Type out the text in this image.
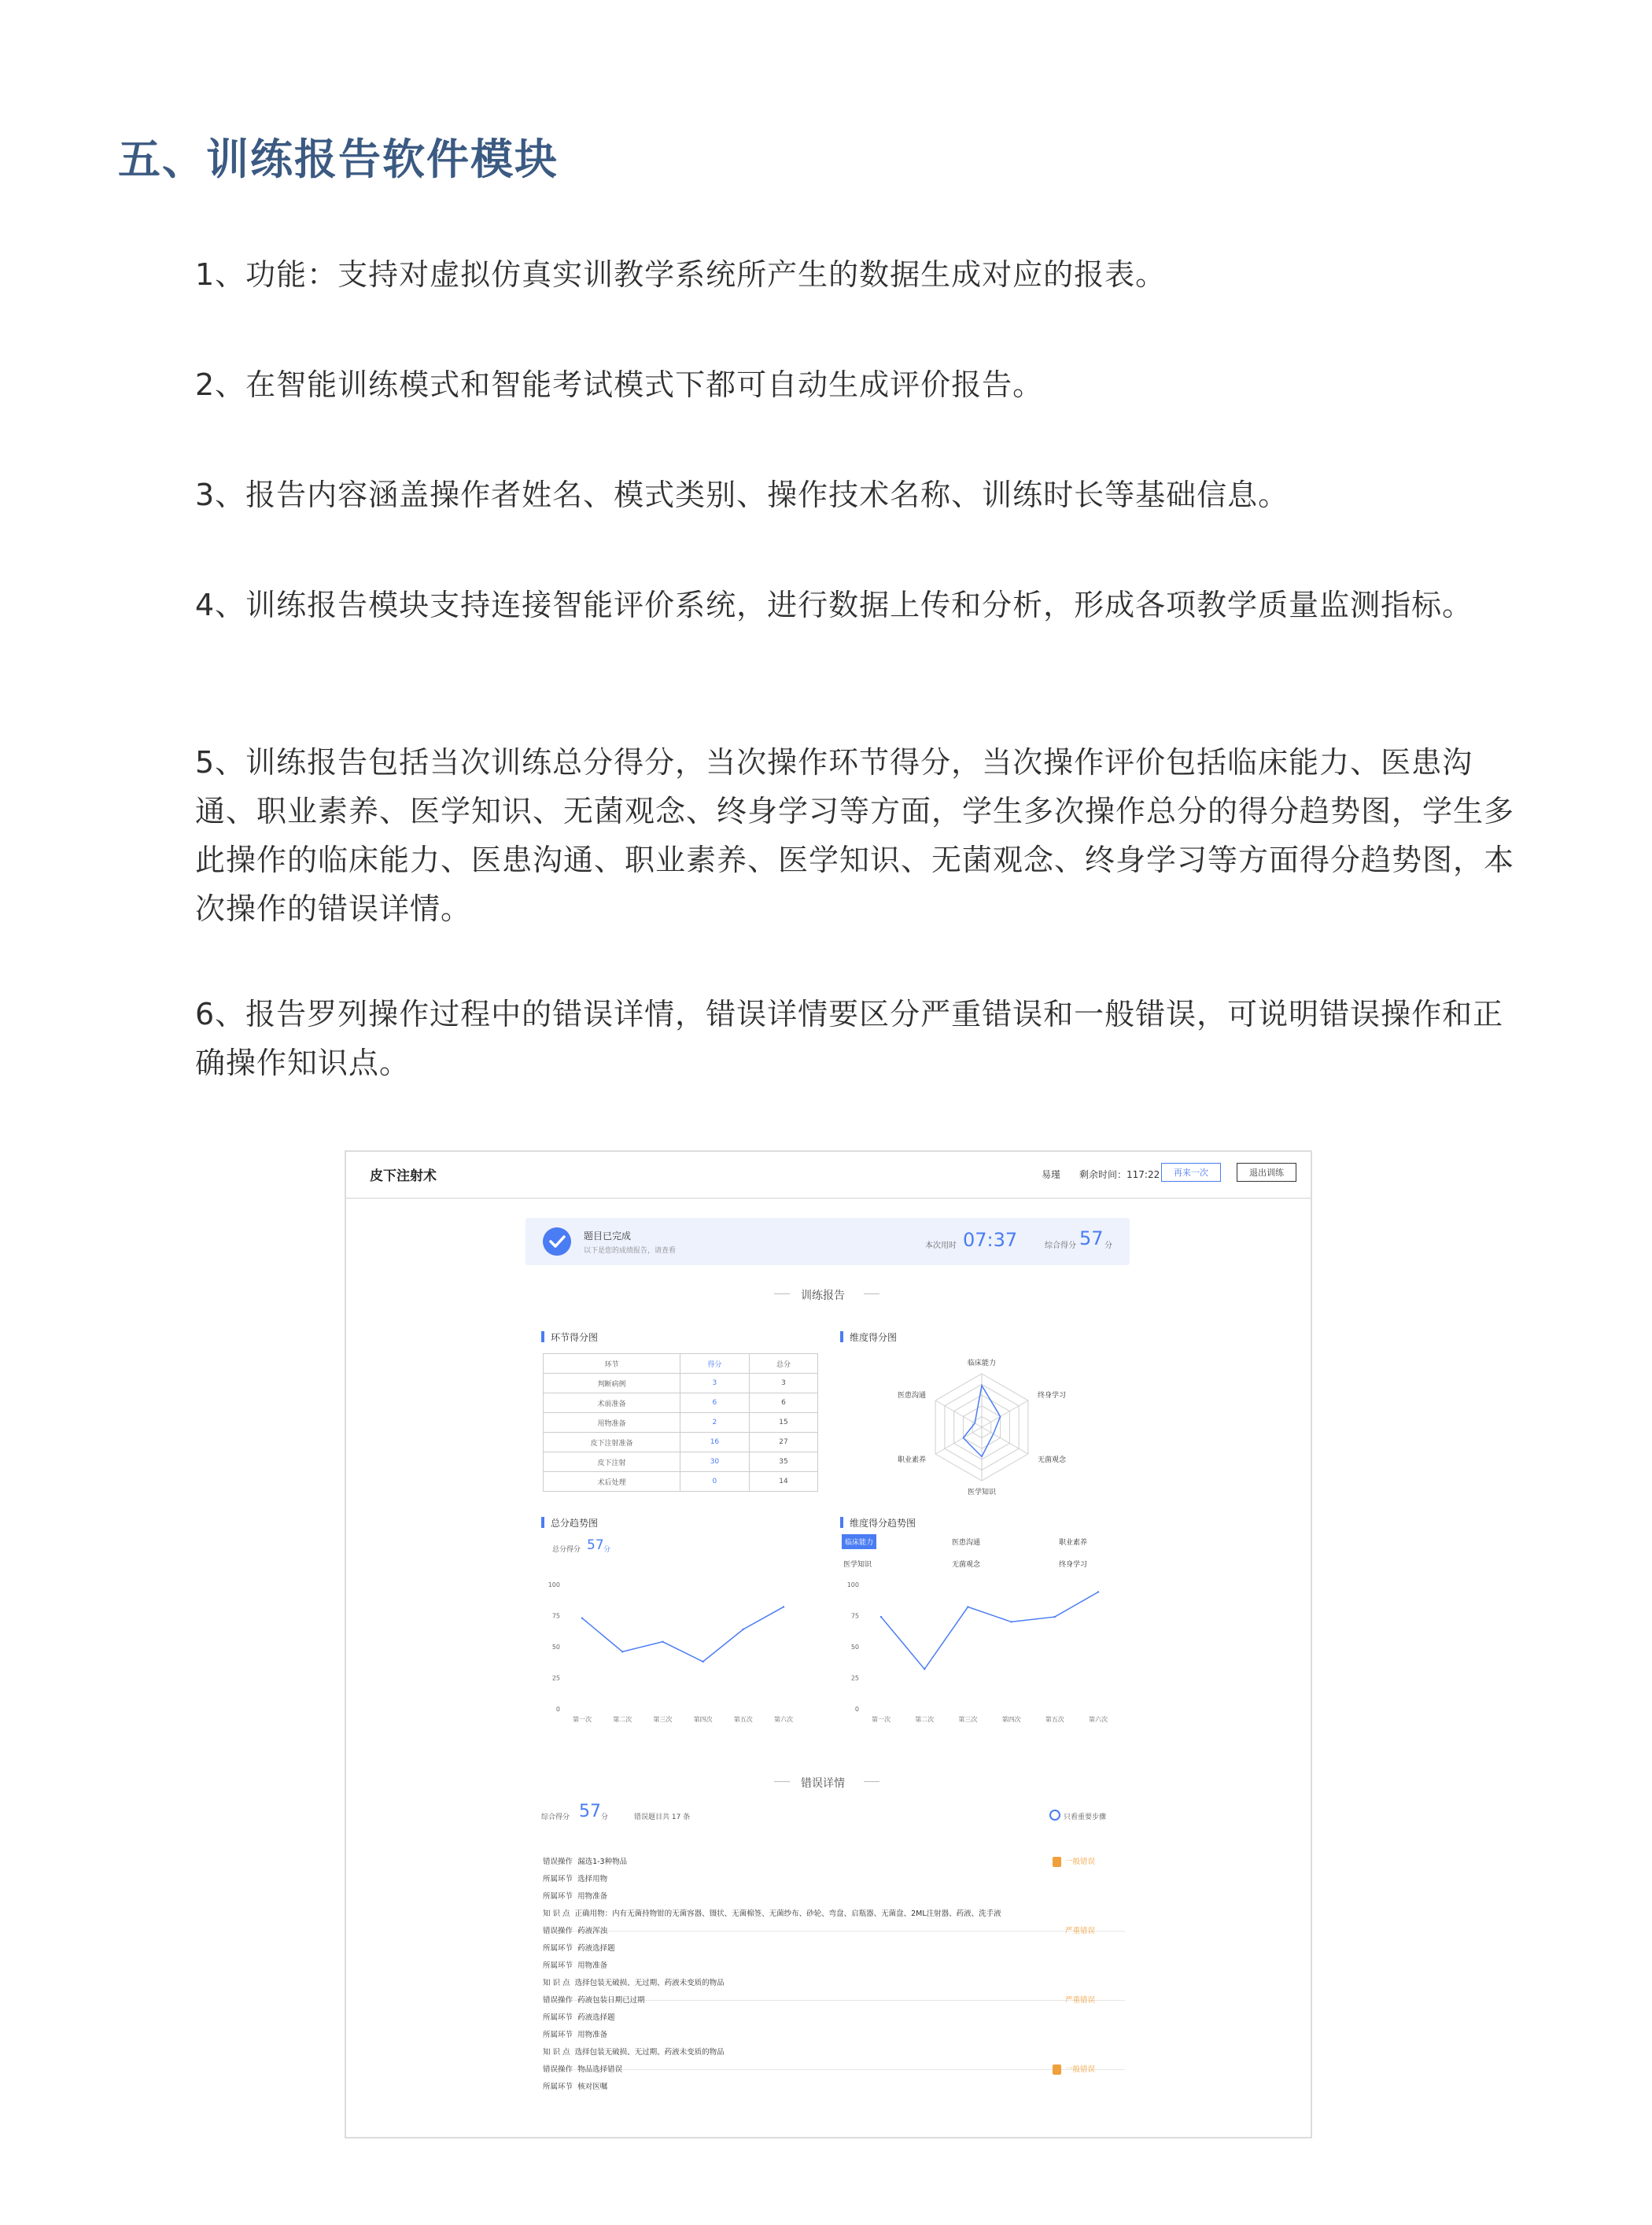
五、训练报告软件模块
1、功能：支持对虚拟仿真实训教学系统所产生的数据生成对应的报表。
2、在智能训练模式和智能考试模式下都可自动生成评价报告。
3、报告内容涵盖操作者姓名、模式类别、操作技术名称、训练时长等基础信息。
4、训练报告模块支持连接智能评价系统，进行数据上传和分析，形成各项教学质量监测指标。
5、训练报告包括当次训练总分得分，当次操作环节得分，当次操作评价包括临床能力、医患沟通、职业素养、医学知识、无菌观念、终身学习等方面，学生多次操作总分的得分趋势图，学生多此操作的临床能力、医患沟通、职业素养、医学知识、无菌观念、终身学习等方面得分趋势图，本次操作的错误详情。
6、报告罗列操作过程中的错误详情，错误详情要区分严重错误和一般错误，可说明错误操作和正确操作知识点。
皮下注射术	易瑾 剩余时间：117:22	再来一次	退出训练
题目已完成
以下是您的成绩报告，请查看
本次用时 07:37	综合得分 57 分
训练报告
环节得分图
环节	得分	总分
判断病例	3	3
术前准备	6	6
用物准备	2	15
皮下注射准备	16	27
皮下注射	30	35
术后处理	0	14
维度得分图
临床能力
终身学习
无菌观念
医学知识
职业素养
医患沟通
总分趋势图
总分得分 57 分
100
75
50
25
0
第一次	第二次	第三次	第四次	第五次	第六次
维度得分趋势图
临床能力	医患沟通	职业素养
医学知识	无菌观念	终身学习
100
75
50
25
0
第一次	第二次	第三次	第四次	第五次	第六次
错误详情
综合得分 57 分	错误题目共 17 条	只看重要步骤
错误操作 漏选1-3种物品
所属环节 选择用物
所属环节 用物准备
知 识 点 正确用物：内有无菌持物钳的无菌容器、镊状、无菌棉签、无菌纱布、砂轮、弯盘、启瓶器、无菌盘、2ML注射器、药液、洗手液
一般错误
错误操作 药液浑浊
所属环节 药液选择题
所属环节 用物准备
知 识 点 选择包装无破损、无过期、药液未变质的物品
严重错误
错误操作 药液包装日期已过期
所属环节 药液选择题
所属环节 用物准备
知 识 点 选择包装无破损、无过期、药液未变质的物品
严重错误
错误操作 物品选择错误
所属环节 核对医嘱
一般错误
